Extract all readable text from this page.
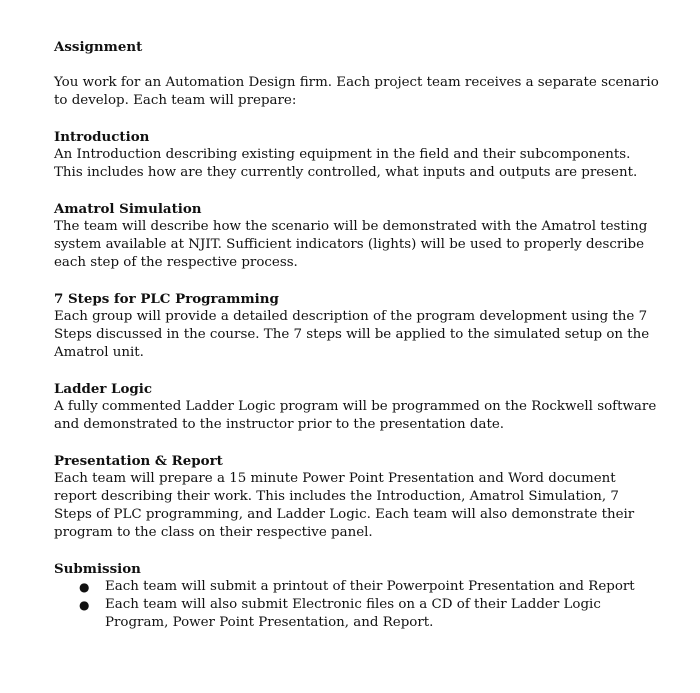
Assignment

You work for an Automation Design firm. Each project team receives a separate scenario to develop. Each team will prepare:

Introduction

An Introduction describing existing equipment in the field and their subcomponents. This includes how are they currently controlled, what inputs and outputs are present.

Amatrol Simulation

The team will describe how the scenario will be demonstrated with the Amatrol testing system available at NJIT. Sufficient indicators (lights) will be used to properly describe each step of the respective process.

7 Steps for PLC Programming

Each group will provide a detailed description of the program development using the 7 Steps discussed in the course. The 7 steps will be applied to the simulated setup on the Amatrol unit.

Ladder Logic

A fully commented Ladder Logic program will be programmed on the Rockwell software and demonstrated to the instructor prior to the presentation date.

Presentation & Report

Each team will prepare a 15 minute Power Point Presentation and Word document report describing their work. This includes the Introduction, Amatrol Simulation, 7 Steps of PLC programming, and Ladder Logic. Each team will also demonstrate their program to the class on their respective panel.

Submission

● Each team will submit a printout of their Powerpoint Presentation and Report
● Each team will also submit Electronic files on a CD of their Ladder Logic Program, Power Point Presentation, and Report.
